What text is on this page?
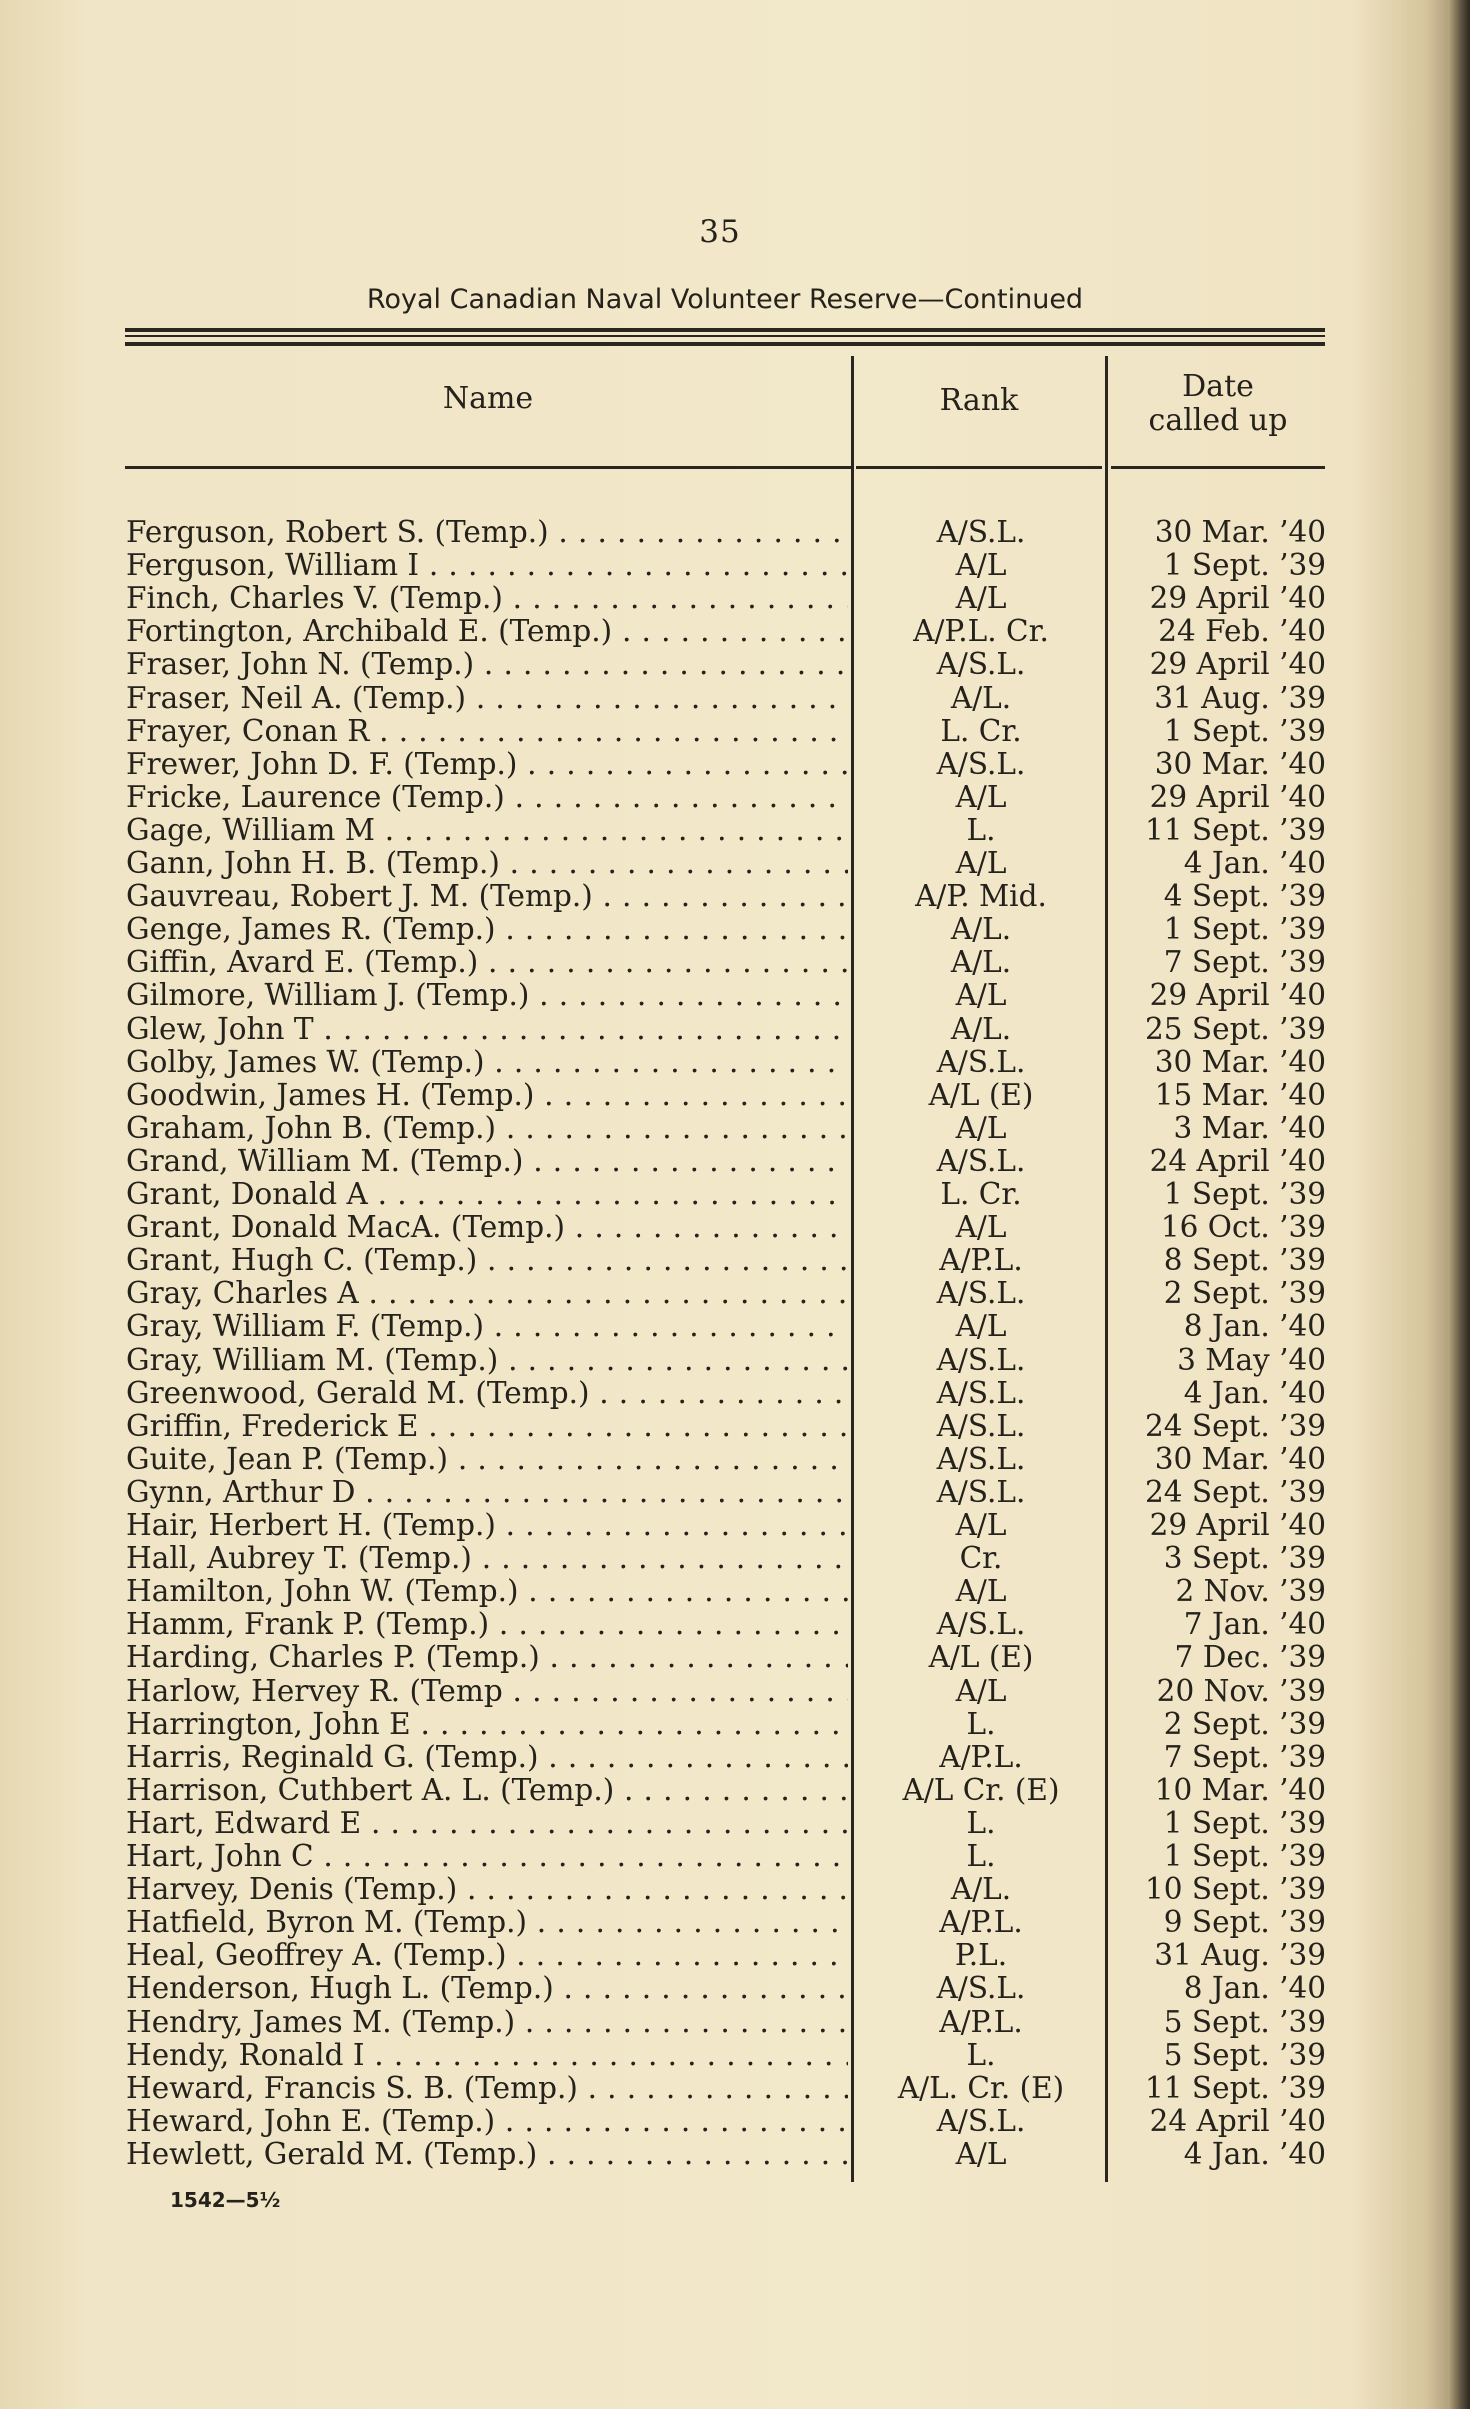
35
Royal Canadian Naval Volunteer Reserve—Continued
Name	Rank	Date
called up
Ferguson, Robert S. (Temp.) . . .	A/S.L.	30 Mar. ’40
Ferguson, William I . . .	A/L	1 Sept. ’39
Finch, Charles V. (Temp.) . . .	A/L	29 April ’40
Fortington, Archibald E. (Temp.) . . .	A/P.L. Cr.	24 Feb. ’40
Fraser, John N. (Temp.) . . .	A/S.L.	29 April ’40
Fraser, Neil A. (Temp.) . . .	A/L.	31 Aug. ’39
Frayer, Conan R . . .	L. Cr.	1 Sept. ’39
Frewer, John D. F. (Temp.) . . .	A/S.L.	30 Mar. ’40
Fricke, Laurence (Temp.) . . .	A/L	29 April ’40
Gage, William M . . .	L.	11 Sept. ’39
Gann, John H. B. (Temp.) . . .	A/L	4 Jan. ’40
Gauvreau, Robert J. M. (Temp.) . . .	A/P. Mid.	4 Sept. ’39
Genge, James R. (Temp.) . . .	A/L.	1 Sept. ’39
Giffin, Avard E. (Temp.) . . .	A/L.	7 Sept. ’39
Gilmore, William J. (Temp.) . . .	A/L	29 April ’40
Glew, John T . . .	A/L.	25 Sept. ’39
Golby, James W. (Temp.) . . .	A/S.L.	30 Mar. ’40
Goodwin, James H. (Temp.) . . .	A/L (E)	15 Mar. ’40
Graham, John B. (Temp.) . . .	A/L	3 Mar. ’40
Grand, William M. (Temp.) . . .	A/S.L.	24 April ’40
Grant, Donald A . . .	L. Cr.	1 Sept. ’39
Grant, Donald MacA. (Temp.) . . .	A/L	16 Oct. ’39
Grant, Hugh C. (Temp.) . . .	A/P.L.	8 Sept. ’39
Gray, Charles A . . .	A/S.L.	2 Sept. ’39
Gray, William F. (Temp.) . . .	A/L	8 Jan. ’40
Gray, William M. (Temp.) . . .	A/S.L.	3 May ’40
Greenwood, Gerald M. (Temp.) . . .	A/S.L.	4 Jan. ’40
Griffin, Frederick E . . .	A/S.L.	24 Sept. ’39
Guite, Jean P. (Temp.) . . .	A/S.L.	30 Mar. ’40
Gynn, Arthur D . . .	A/S.L.	24 Sept. ’39
Hair, Herbert H. (Temp.) . . .	A/L	29 April ’40
Hall, Aubrey T. (Temp.) . . .	Cr.	3 Sept. ’39
Hamilton, John W. (Temp.) . . .	A/L	2 Nov. ’39
Hamm, Frank P. (Temp.) . . .	A/S.L.	7 Jan. ’40
Harding, Charles P. (Temp.) . . .	A/L (E)	7 Dec. ’39
Harlow, Hervey R. (Temp . . .	A/L	20 Nov. ’39
Harrington, John E . . .	L.	2 Sept. ’39
Harris, Reginald G. (Temp.) . . .	A/P.L.	7 Sept. ’39
Harrison, Cuthbert A. L. (Temp.) . . .	A/L Cr. (E)	10 Mar. ’40
Hart, Edward E . . .	L.	1 Sept. ’39
Hart, John C . . .	L.	1 Sept. ’39
Harvey, Denis (Temp.) . . .	A/L.	10 Sept. ’39
Hatfield, Byron M. (Temp.) . . .	A/P.L.	9 Sept. ’39
Heal, Geoffrey A. (Temp.) . . .	P.L.	31 Aug. ’39
Henderson, Hugh L. (Temp.) . . .	A/S.L.	8 Jan. ’40
Hendry, James M. (Temp.) . . .	A/P.L.	5 Sept. ’39
Hendy, Ronald I . . .	L.	5 Sept. ’39
Heward, Francis S. B. (Temp.) . . .	A/L. Cr. (E)	11 Sept. ’39
Heward, John E. (Temp.) . . .	A/S.L.	24 April ’40
Hewlett, Gerald M. (Temp.) . . .	A/L	4 Jan. ’40
1542—5½
